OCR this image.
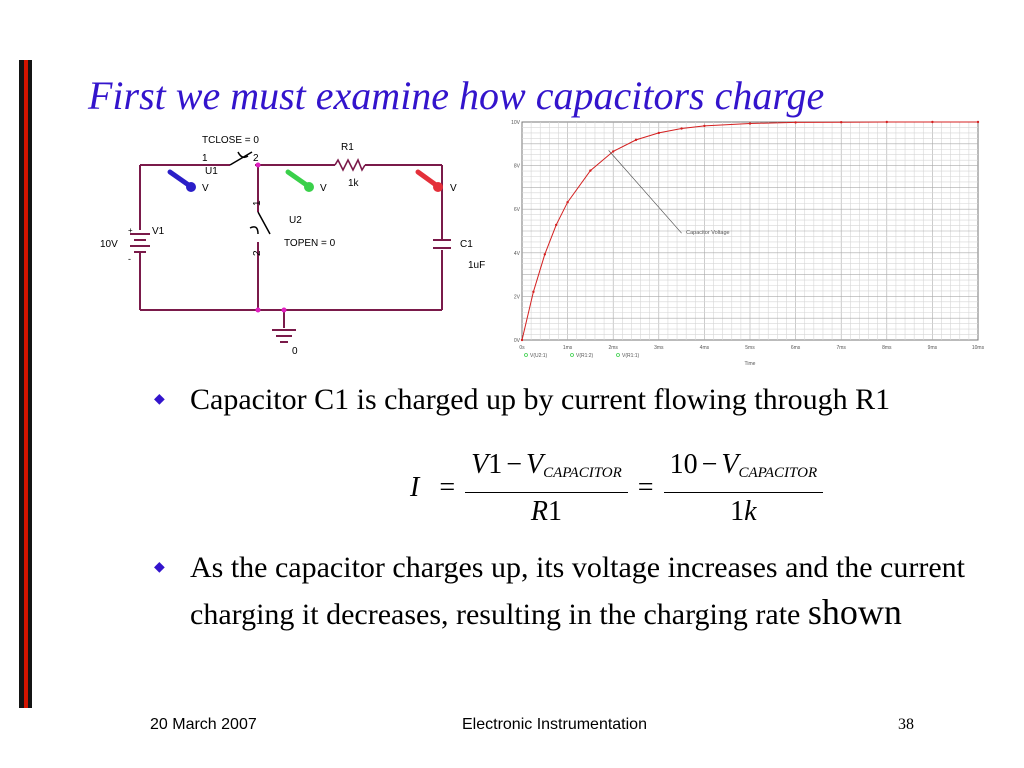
First we must examine how capacitors charge
V	V	V
TCLOSE = 0
1	2
U1
R1
1k
V1
10V
+
-
U2
1
2
TOPEN = 0	C1
1uF
0	0s	1ms	2ms	3ms	4ms	5ms	6ms	7ms	8ms	9ms	10ms
0V
2V
4V
6V
8V
10V
Time
V(U2:1)	V(R1:2)	V(R1:1)
Capacitor Voltage
◆ Capacitor C1 is charged up by current flowing through R1
◆ As the capacitor charges up, its voltage increases and the current charging it decreases, resulting in the charging rate shown
$I = \frac{V1 - V_{CAPACITOR}}{R1} = \frac{10 - V_{CAPACITOR}}{1k}$
20 March 2007	Electronic Instrumentation	38
